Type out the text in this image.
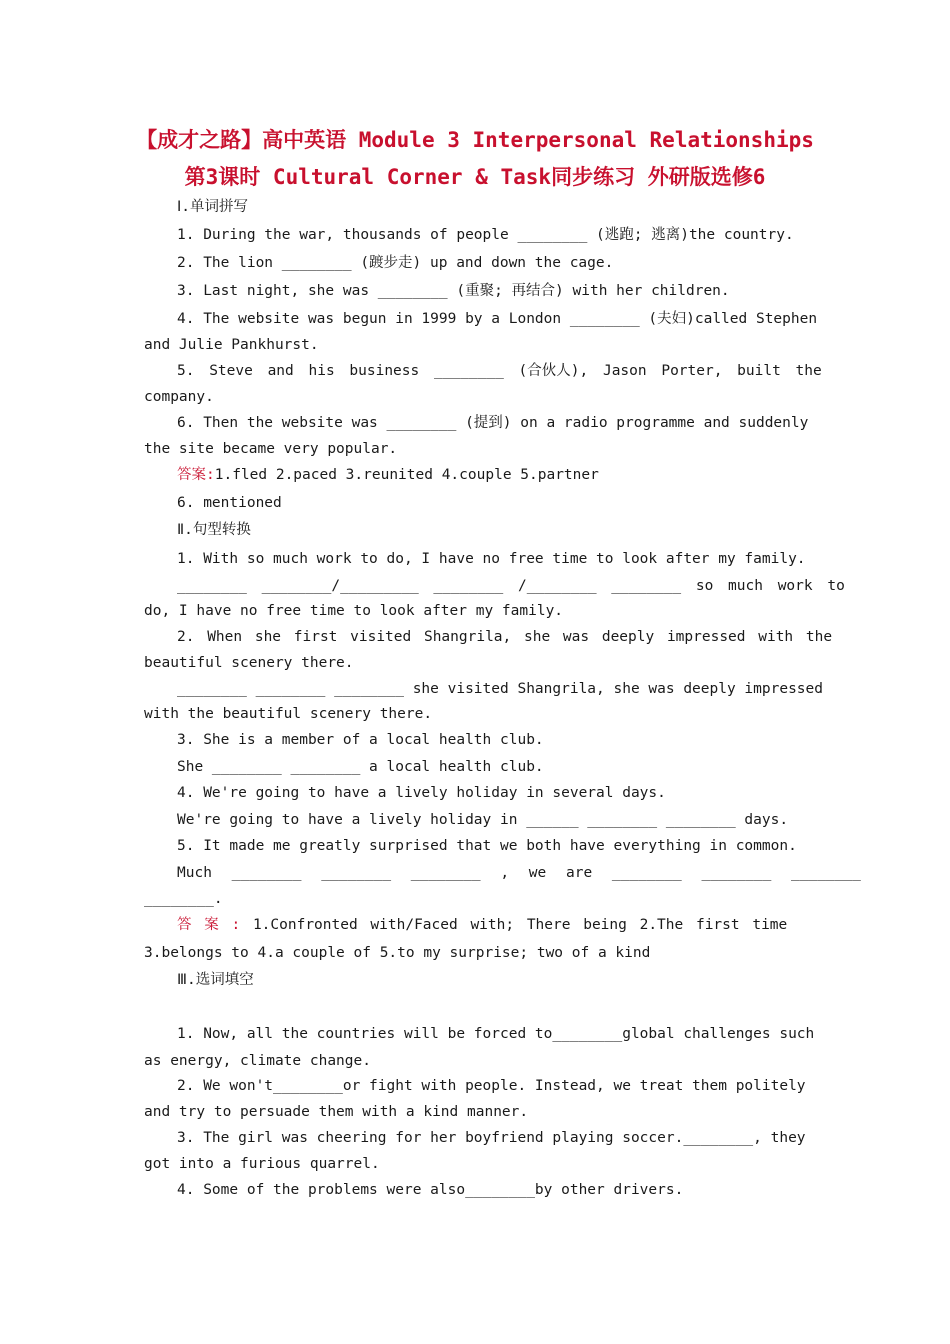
【成才之路】高中英语 Module 3 Interpersonal Relationships
第3课时 Cultural Corner & Task同步练习 外研版选修6
Ⅰ.单词拼写
1. During the war, thousands of people ________ (逃跑; 逃离)the country.
2. The lion ________ (踱步走) up and down the cage.
3. Last night, she was ________ (重聚; 再结合) with her children.
4. The website was begun in 1999 by a London ________ (夫妇)called Stephen
and Julie Pankhurst.
5. Steve and his business ________ (合伙人), Jason Porter, built the
company.
6. Then the website was ________ (提到) on a radio programme and suddenly
the site became very popular.
答案:1.fled 2.paced 3.reunited 4.couple 5.partner
6. mentioned
Ⅱ.句型转换
1. With so much work to do, I have no free time to look after my family.
________ ________/_________ ________ /________ ________ so much work to
do, I have no free time to look after my family.
2. When she first visited Shangrila, she was deeply impressed with the
beautiful scenery there.
________ ________ ________ she visited Shangrila, she was deeply impressed
with the beautiful scenery there.
3. She is a member of a local health club.
She ________ ________ a local health club.
4. We're going to have a lively holiday in several days.
We're going to have a lively holiday in ______ ________ ________ days.
5. It made me greatly surprised that we both have everything in common.
Much ________ ________ ________ , we are ________ ________ ________
________.
答 案 : 1.Confronted with/Faced with; There being 2.The first time
3.belongs to 4.a couple of 5.to my surprise; two of a kind
Ⅲ.选词填空
1. Now, all the countries will be forced to________global challenges such
as energy, climate change.
2. We won't________or fight with people. Instead, we treat them politely
and try to persuade them with a kind manner.
3. The girl was cheering for her boyfriend playing soccer.________, they
got into a furious quarrel.
4. Some of the problems were also________by other drivers.
